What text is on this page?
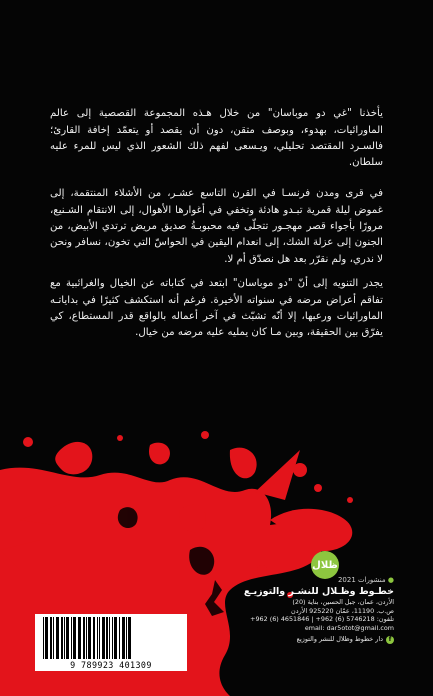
يأخذنا "غي دو موباسان" من خلال هـذه المجموعة القصصية إلى عالم الماورائيات، بهدوء، وبوصف متقن، دون أن يقصد أو يتعمّد إخافة القارئ؛ فالسـرد المقتصد تحليلي، ويـسعى لفهم ذلك الشعور الذي ليس للمرء عليه سلطان.

في قرى ومدن فرنسـا في القرن التاسع عشـر، من الأشلاء المنتقمة، إلى غموض ليلة قمرية تبـدو هادئة وتخفي في أغوارها الأهوال، إلى الانتقام الشـنيع، مرورًا بأجواء قصر مهجـور تتجلّى فيه محبوبـةُ صديق مريض ترتدي الأبيض، من الجنون إلى عزلة الشك، إلى انعدام اليقين في الحواسّ التي تخون، نسافر ونحن لا ندري، ولم نقرّر بعد هل نصدّق أم لا.

يجدر التنويه إلى أنّ "دو موباسان" ابتعد في كتاباته عن الخيال والغرائبية مع تفاقم أعراض مرضه في سنواته الأخيرة. فرغم أنه استكشف كثيرًا في بداياتـه الماورائيات ورعبها، إلا أنّه تشبّث في آخر أعماله بالواقع قدر المستطاع، كي يفرّق بين الحقيقة، وبين مـا كان يمليه عليه مرضه من خيال.

ظلال
● منشورات 2021
خطـوط وظـلال للنشـر والتوزيـع
الأردن، عمان، جبل الحسين، بناية (20)
ص.ب. 11190، عمّان 925220 الأردن
تلفون: 5746218 (6) 962+ | 4651846 (6) 962+
email: dar5otot@gmail.com
fدار خطوط وظلال للنشر والتوزيع
9 789923 401309
